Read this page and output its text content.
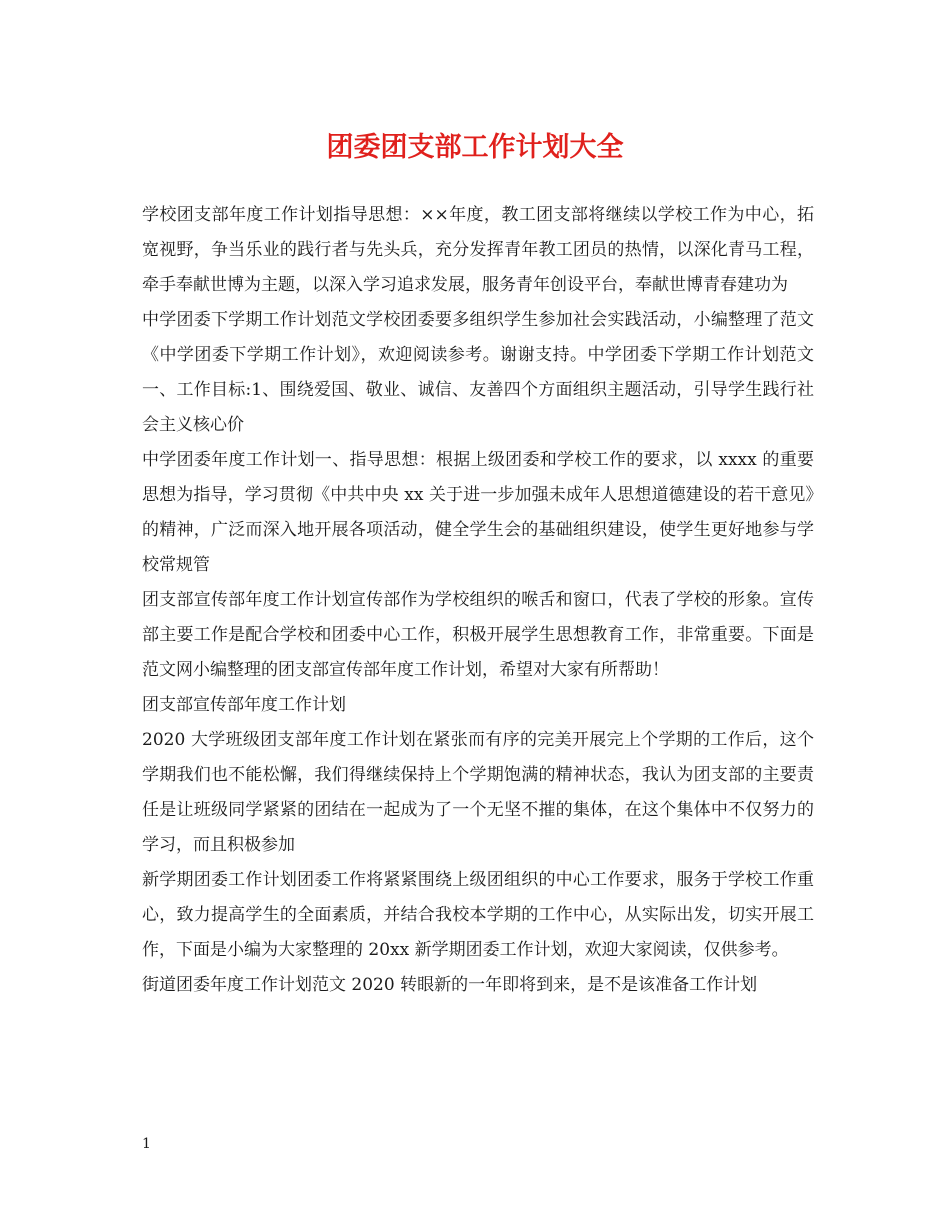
团委团支部工作计划大全

学校团支部年度工作计划指导思想：××年度，教工团支部将继续以学校工作为中心，拓宽视野，争当乐业的践行者与先头兵，充分发挥青年教工团员的热情，以深化青马工程，牵手奉献世博为主题，以深入学习追求发展，服务青年创设平台，奉献世博青春建功为

中学团委下学期工作计划范文学校团委要多组织学生参加社会实践活动，小编整理了范文《中学团委下学期工作计划》，欢迎阅读参考。谢谢支持。中学团委下学期工作计划范文一、工作目标:1、围绕爱国、敬业、诚信、友善四个方面组织主题活动，引导学生践行社会主义核心价

中学团委年度工作计划一、指导思想：根据上级团委和学校工作的要求，以 xxxx 的重要思想为指导，学习贯彻《中共中央 xx 关于进一步加强未成年人思想道德建设的若干意见》的精神，广泛而深入地开展各项活动，健全学生会的基础组织建设，使学生更好地参与学校常规管

团支部宣传部年度工作计划宣传部作为学校组织的喉舌和窗口，代表了学校的形象。宣传部主要工作是配合学校和团委中心工作，积极开展学生思想教育工作，非常重要。下面是范文网小编整理的团支部宣传部年度工作计划，希望对大家有所帮助！

团支部宣传部年度工作计划

2020 大学班级团支部年度工作计划在紧张而有序的完美开展完上个学期的工作后，这个学期我们也不能松懈，我们得继续保持上个学期饱满的精神状态，我认为团支部的主要责任是让班级同学紧紧的团结在一起成为了一个无坚不摧的集体，在这个集体中不仅努力的学习，而且积极参加

新学期团委工作计划团委工作将紧紧围绕上级团组织的中心工作要求，服务于学校工作重心，致力提高学生的全面素质，并结合我校本学期的工作中心，从实际出发，切实开展工作，下面是小编为大家整理的 20xx 新学期团委工作计划，欢迎大家阅读，仅供参考。

街道团委年度工作计划范文 2020 转眼新的一年即将到来，是不是该准备工作计划

1
